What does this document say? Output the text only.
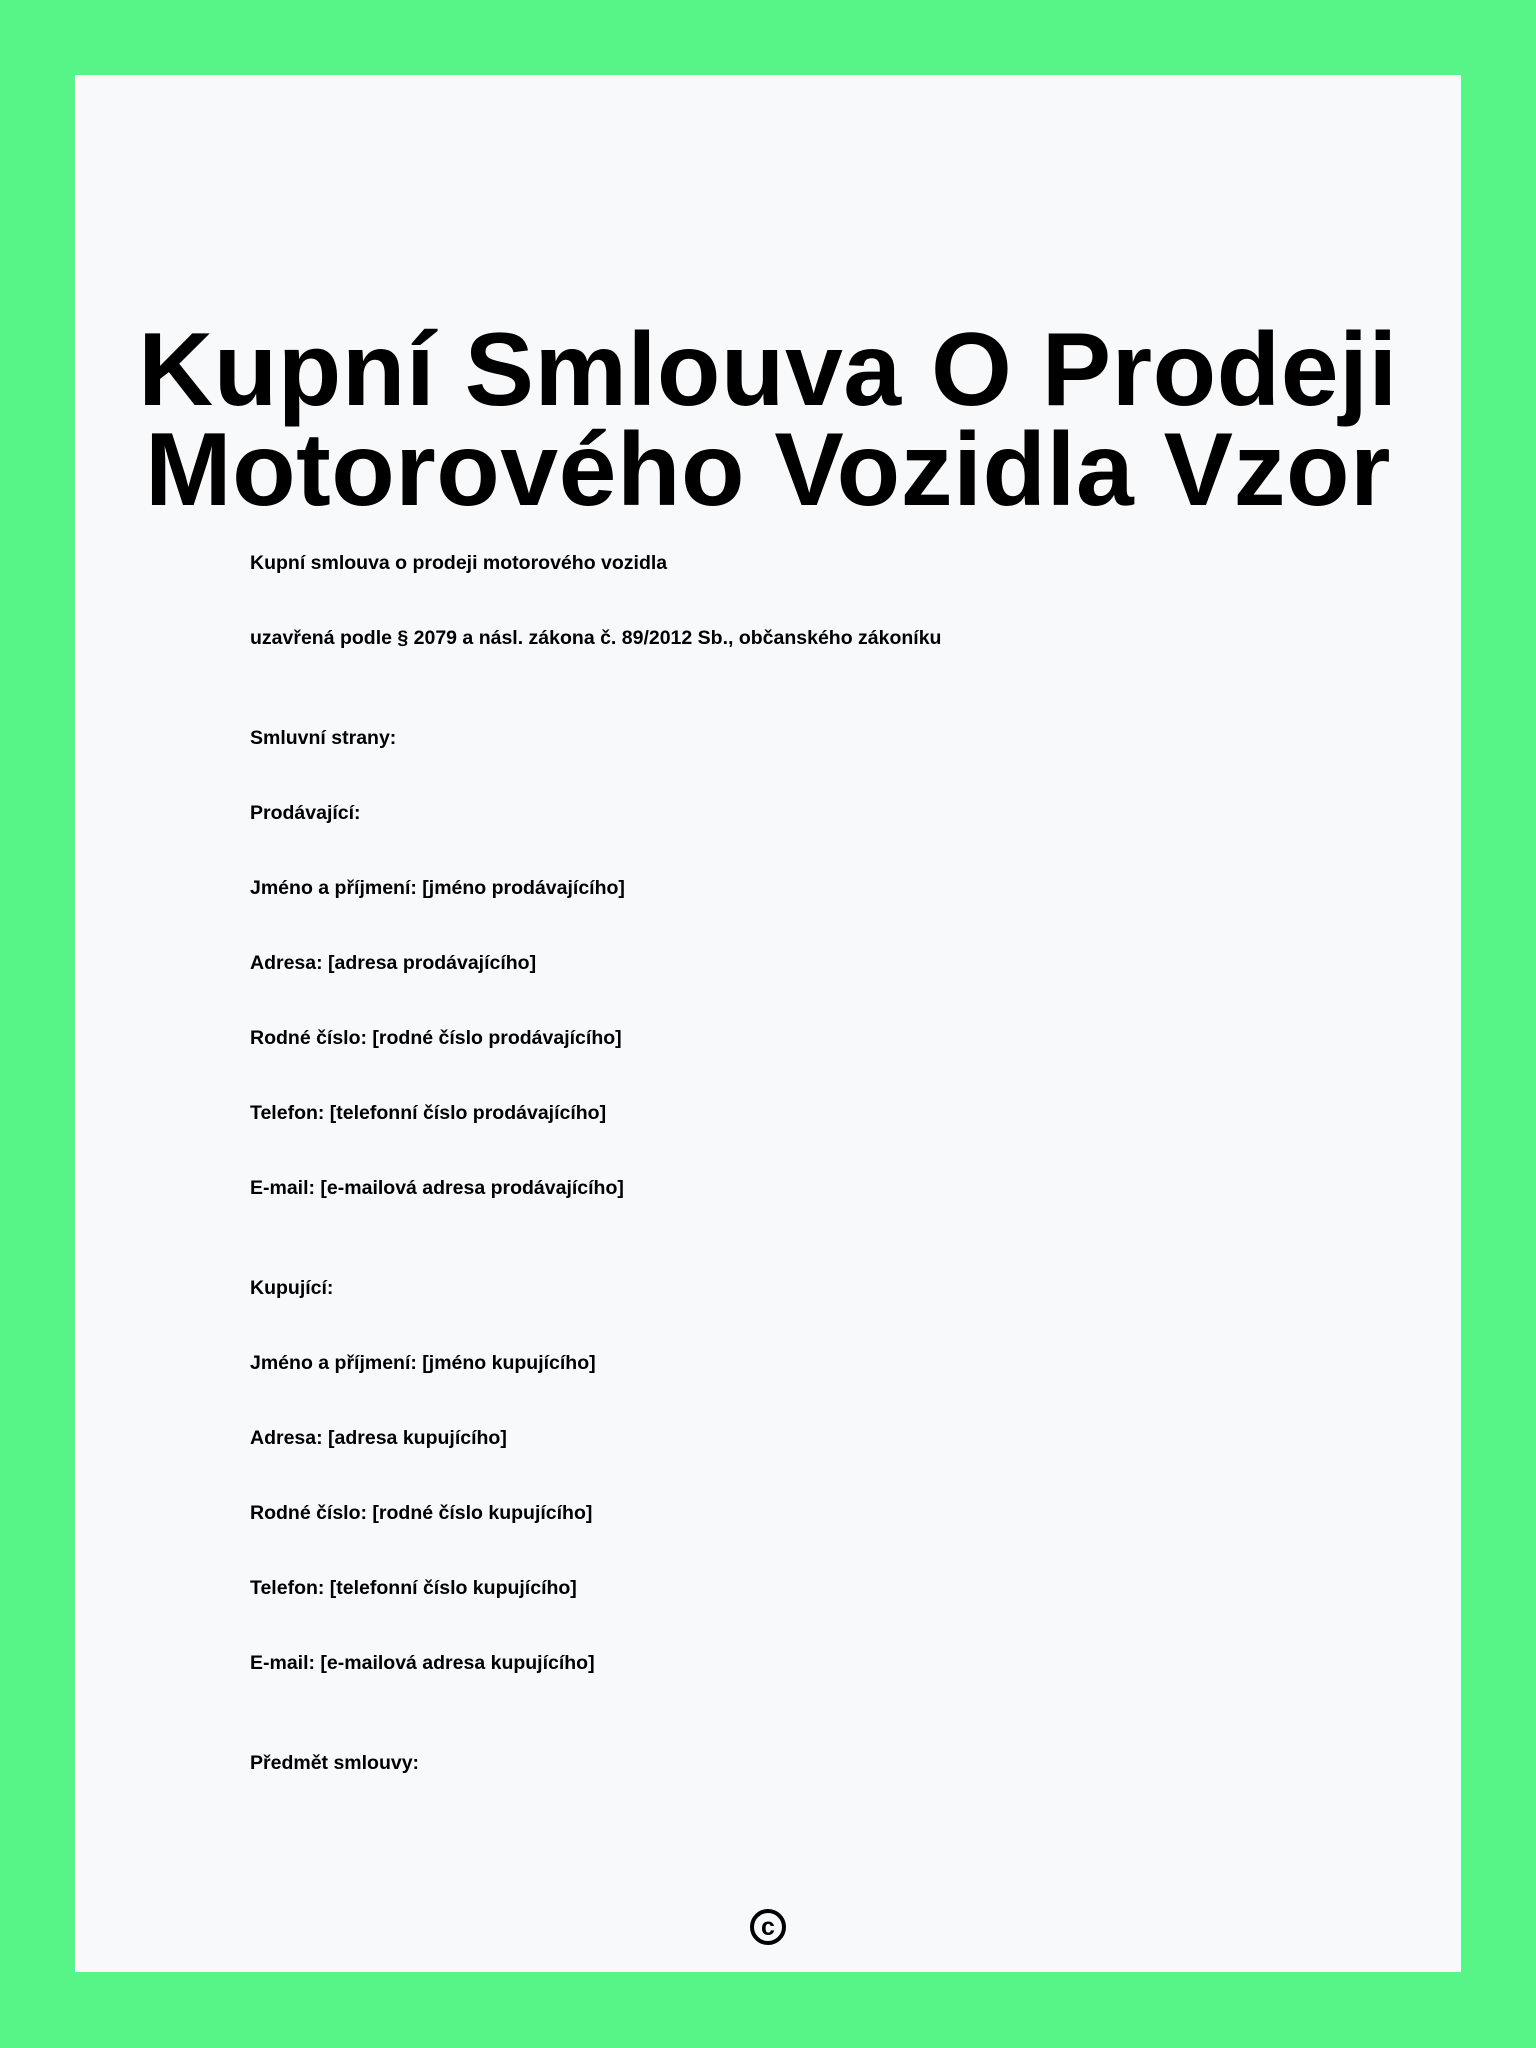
Kupní Smlouva O Prodeji
Motorového Vozidla Vzor
Kupní smlouva o prodeji motorového vozidla
uzavřená podle § 2079 a násl. zákona č. 89/2012 Sb., občanského zákoníku
Smluvní strany:
Prodávající:
Jméno a příjmení: [jméno prodávajícího]
Adresa: [adresa prodávajícího]
Rodné číslo: [rodné číslo prodávajícího]
Telefon: [telefonní číslo prodávajícího]
E-mail: [e-mailová adresa prodávajícího]
Kupující:
Jméno a příjmení: [jméno kupujícího]
Adresa: [adresa kupujícího]
Rodné číslo: [rodné číslo kupujícího]
Telefon: [telefonní číslo kupujícího]
E-mail: [e-mailová adresa kupujícího]
Předmět smlouvy:
c
